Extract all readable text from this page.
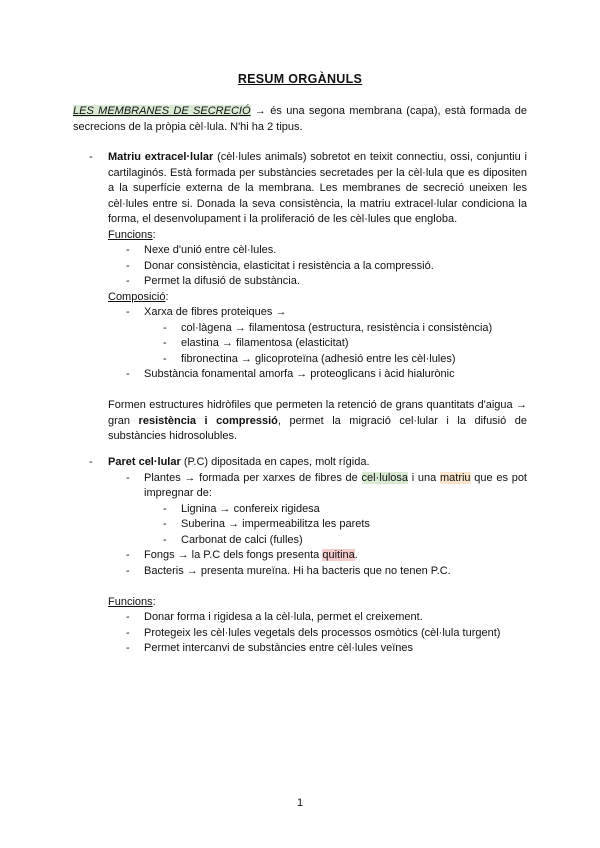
RESUM ORGÀNULS
LES MEMBRANES DE SECRECIÓ → és una segona membrana (capa), està formada de secrecions de la pròpia cèl·lula. N'hi ha 2 tipus.
- Matriu extracel·lular (cèl·lules animals) sobretot en teixit connectiu, ossi, conjuntiu i cartilaginós. Està formada per substàncies secretades per la cèl·lula que es dipositen a la superfície externa de la membrana. Les membranes de secreció uneixen les cèl·lules entre si. Donada la seva consistència, la matriu extracel·lular condiciona la forma, el desenvolupament i la proliferació de les cèl·lules que engloba.
Funcions:
- Nexe d'unió entre cèl·lules.
- Donar consistència, elasticitat i resistència a la compressió.
- Permet la difusió de substància.
Composició:
- Xarxa de fibres proteiques →
- col·làgena → filamentosa (estructura, resistència i consistència)
- elastina → filamentosa (elasticitat)
- fibronectina → glicoproteïna (adhesió entre les cèl·lules)
- Substància fonamental amorfa → proteoglicans i àcid hialurònic
Formen estructures hidròfiles que permeten la retenció de grans quantitats d'aigua → gran resistència i compressió, permet la migració cel·lular i la difusió de substàncies hidrosolubles.
- Paret cel·lular (P.C) dipositada en capes, molt rígida.
- Plantes → formada per xarxes de fibres de cel·lulosa i una matriu que es pot impregnar de:
- Lignina → confereix rigidesa
- Suberina → impermeabilitza les parets
- Carbonat de calci (fulles)
- Fongs → la P.C dels fongs presenta quitina.
- Bacteris → presenta mureïna. Hi ha bacteris que no tenen P.C.
Funcions:
- Donar forma i rigidesa a la cèl·lula, permet el creixement.
- Protegeix les cèl·lules vegetals dels processos osmòtics (cèl·lula turgent)
- Permet intercanvi de substàncies entre cèl·lules veïnes
1
